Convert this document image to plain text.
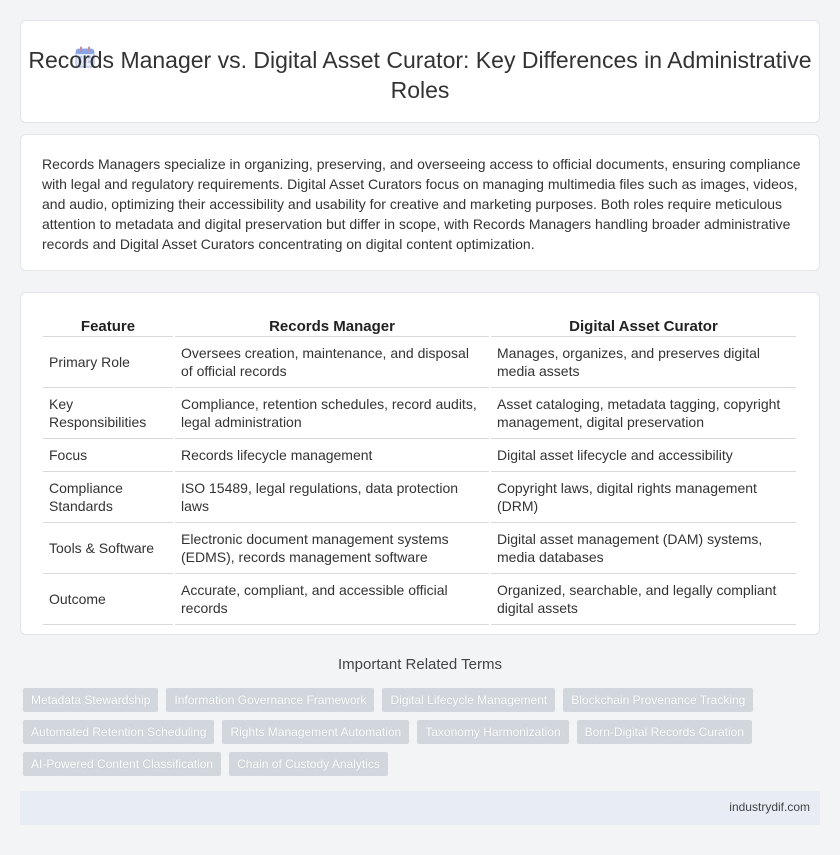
Records Manager vs. Digital Asset Curator: Key Differences in Administrative Roles

Records Managers specialize in organizing, preserving, and overseeing access to official documents, ensuring compliance with legal and regulatory requirements. Digital Asset Curators focus on managing multimedia files such as images, videos, and audio, optimizing their accessibility and usability for creative and marketing purposes. Both roles require meticulous attention to metadata and digital preservation but differ in scope, with Records Managers handling broader administrative records and Digital Asset Curators concentrating on digital content optimization.

Feature	Records Manager	Digital Asset Curator
Primary Role	Oversees creation, maintenance, and disposal of official records	Manages, organizes, and preserves digital media assets
Key Responsibilities	Compliance, retention schedules, record audits, legal administration	Asset cataloging, metadata tagging, copyright management, digital preservation
Focus	Records lifecycle management	Digital asset lifecycle and accessibility
Compliance Standards	ISO 15489, legal regulations, data protection laws	Copyright laws, digital rights management (DRM)
Tools & Software	Electronic document management systems (EDMS), records management software	Digital asset management (DAM) systems, media databases
Outcome	Accurate, compliant, and accessible official records	Organized, searchable, and legally compliant digital assets
Important Related Terms
Metadata Stewardship	Information Governance Framework	Digital Lifecycle Management	Blockchain Provenance Tracking
Automated Retention Scheduling	Rights Management Automation	Taxonomy Harmonization	Born-Digital Records Curation
AI-Powered Content Classification	Chain of Custody Analytics
industrydif.com
